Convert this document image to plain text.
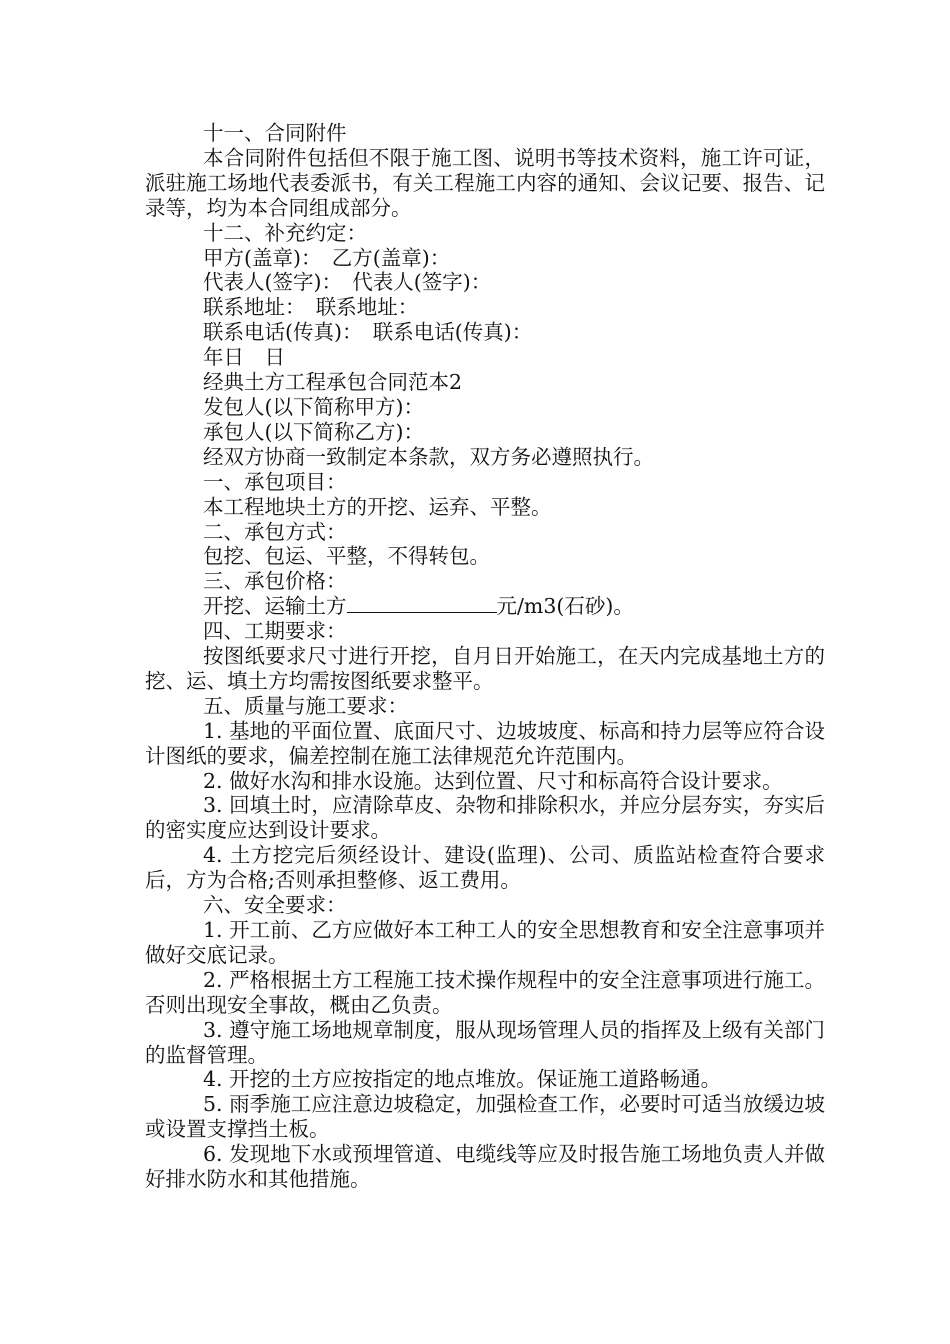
十一、合同附件

本合同附件包括但不限于施工图、说明书等技术资料，施工许可证，派驻施工场地代表委派书，有关工程施工内容的通知、会议记要、报告、记录等，均为本合同组成部分。

十二、补充约定：

甲方(盖章)：　乙方(盖章)：

代表人(签字)：　代表人(签字)：

联系地址：　联系地址：

联系电话(传真)：　联系电话(传真)：

年日　日

经典土方工程承包合同范本2

发包人(以下简称甲方)：

承包人(以下简称乙方)：

经双方协商一致制定本条款，双方务必遵照执行。

一、承包项目：

本工程地块土方的开挖、运弃、平整。

二、承包方式：

包挖、包运、平整，不得转包。

三、承包价格：

开挖、运输土方	元/m3(石砂)。

四、工期要求：

按图纸要求尺寸进行开挖，自月日开始施工，在天内完成基地土方的挖、运、填土方均需按图纸要求整平。

五、质量与施工要求：

1. 基地的平面位置、底面尺寸、边坡坡度、标高和持力层等应符合设计图纸的要求，偏差控制在施工法律规范允许范围内。

2. 做好水沟和排水设施。达到位置、尺寸和标高符合设计要求。

3. 回填土时，应清除草皮、杂物和排除积水，并应分层夯实，夯实后的密实度应达到设计要求。

4. 土方挖完后须经设计、建设(监理)、公司、质监站检查符合要求后，方为合格;否则承担整修、返工费用。

六、安全要求：

1. 开工前、乙方应做好本工种工人的安全思想教育和安全注意事项并做好交底记录。

2. 严格根据土方工程施工技术操作规程中的安全注意事项进行施工。否则出现安全事故，概由乙负责。

3. 遵守施工场地规章制度，服从现场管理人员的指挥及上级有关部门的监督管理。

4. 开挖的土方应按指定的地点堆放。保证施工道路畅通。

5. 雨季施工应注意边坡稳定，加强检查工作，必要时可适当放缓边坡或设置支撑挡土板。

6. 发现地下水或预埋管道、电缆线等应及时报告施工场地负责人并做好排水防水和其他措施。
